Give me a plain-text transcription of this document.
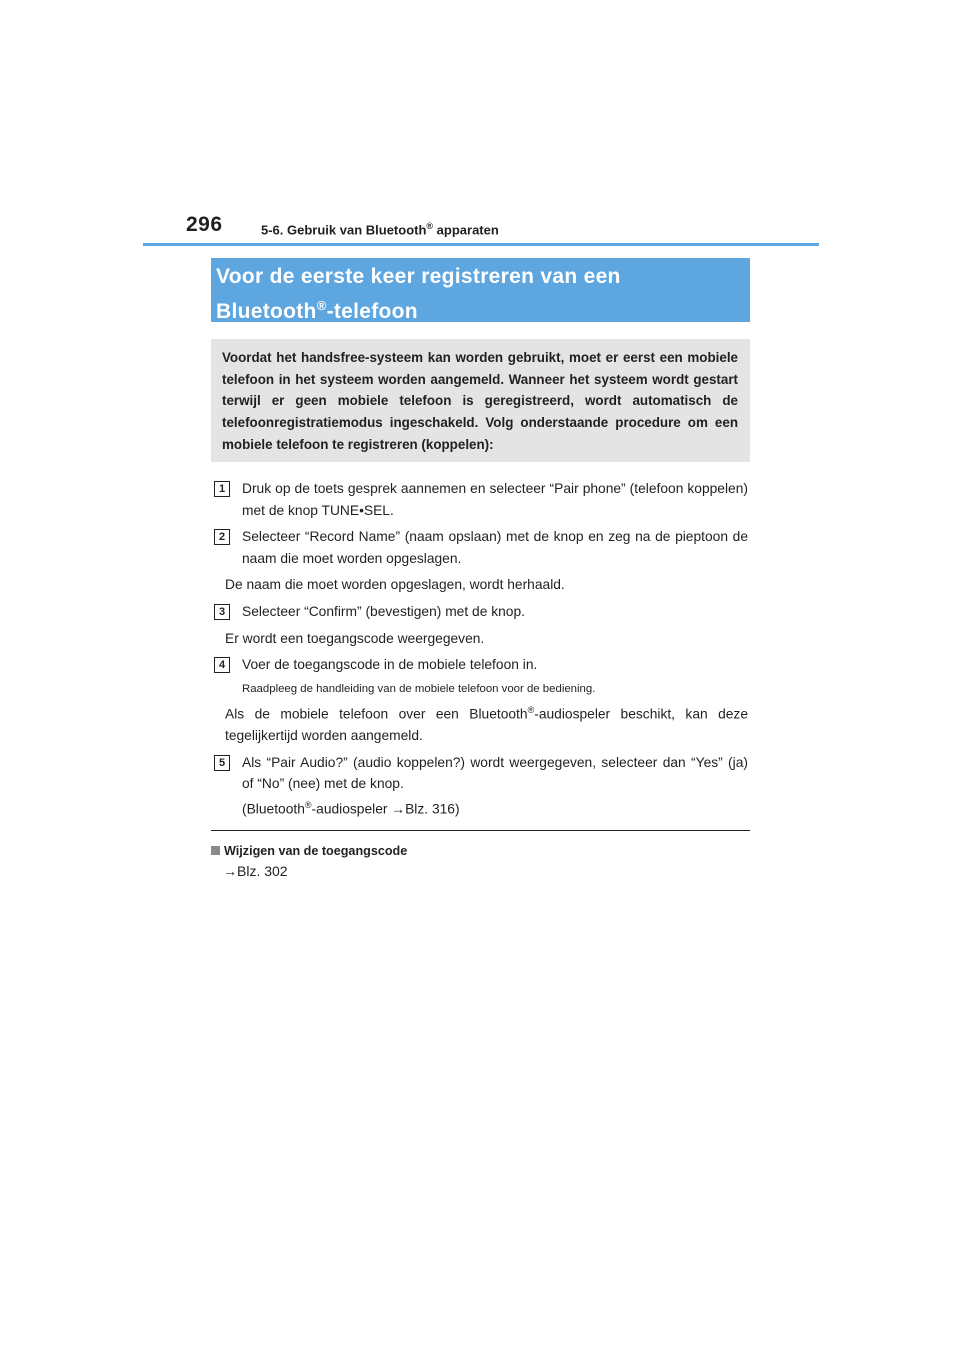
296	5-6. Gebruik van Bluetooth® apparaten
Voor de eerste keer registreren van een
Bluetooth®-telefoon
Voordat het handsfree-systeem kan worden gebruikt, moet er eerst een mobiele telefoon in het systeem worden aangemeld. Wanneer het systeem wordt gestart terwijl er geen mobiele telefoon is geregistreerd, wordt automatisch de telefoonregistratiemodus ingeschakeld. Volg onderstaande procedure om een mobiele telefoon te registreren (koppelen):
1	Druk op de toets gesprek aannemen en selecteer “Pair phone” (telefoon koppelen) met de knop TUNE•SEL.
2	Selecteer “Record Name” (naam opslaan) met de knop en zeg na de pieptoon de naam die moet worden opgeslagen.
De naam die moet worden opgeslagen, wordt herhaald.
3	Selecteer “Confirm” (bevestigen) met de knop.
Er wordt een toegangscode weergegeven.
4	Voer de toegangscode in de mobiele telefoon in.
Raadpleeg de handleiding van de mobiele telefoon voor de bediening.
Als de mobiele telefoon over een Bluetooth®-audiospeler beschikt, kan deze tegelijkertijd worden aangemeld.
5	Als “Pair Audio?” (audio koppelen?) wordt weergegeven, selecteer dan “Yes” (ja) of “No” (nee) met de knop.
(Bluetooth®-audiospeler →Blz. 316)
Wijzigen van de toegangscode
→Blz. 302
